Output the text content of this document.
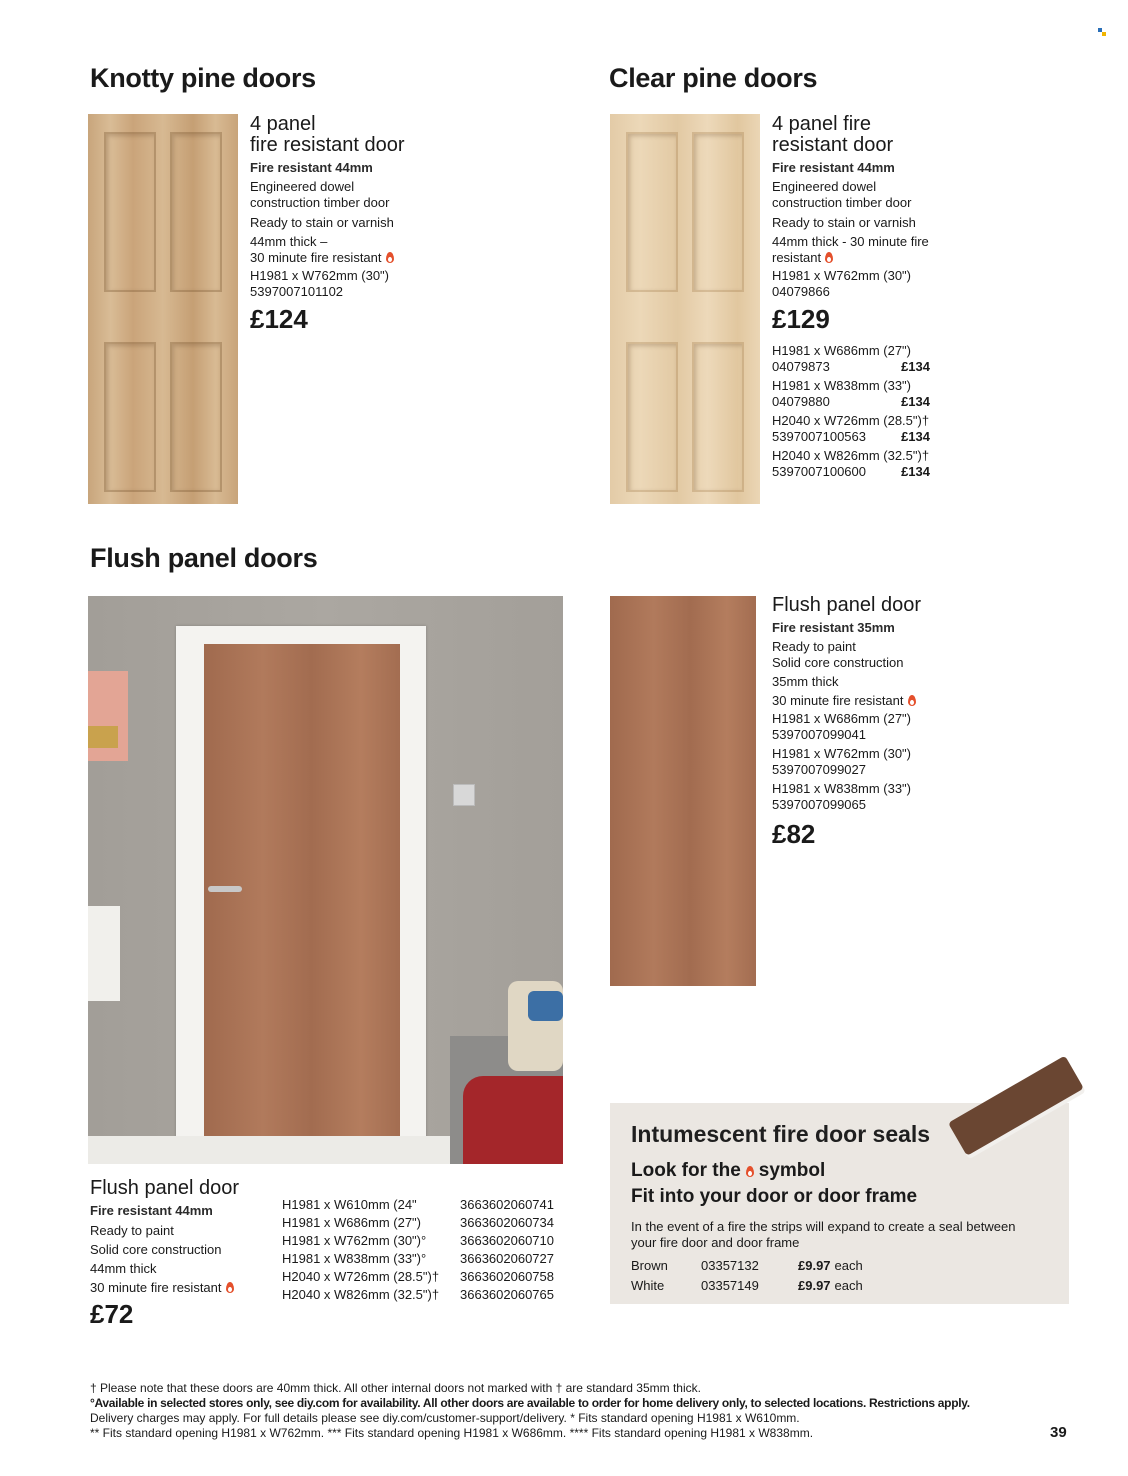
Knotty pine doors
4 panel
fire resistant door
Fire resistant 44mm
Engineered dowel
construction timber door
Ready to stain or varnish
44mm thick –
30 minute fire resistant
H1981 x W762mm (30")
5397007101102
£124
Clear pine doors
4 panel fire
resistant door
Fire resistant 44mm
Engineered dowel
construction timber door
Ready to stain or varnish
44mm thick - 30 minute fire
resistant
H1981 x W762mm (30")
04079866
£129
H1981 x W686mm (27")
04079873	£134
H1981 x W838mm (33")
04079880	£134
H2040 x W726mm (28.5")†
5397007100563	£134
H2040 x W826mm (32.5")†
5397007100600	£134
Flush panel doors
Flush panel door
Fire resistant 35mm
Ready to paint
Solid core construction
35mm thick
30 minute fire resistant
H1981 x W686mm (27")
5397007099041
H1981 x W762mm (30")
5397007099027
H1981 x W838mm (33")
5397007099065
£82
Flush panel door
Fire resistant 44mm
Ready to paint
Solid core construction
44mm thick
30 minute fire resistant
£72
H1981 x W610mm (24"	3663602060741
H1981 x W686mm (27")	3663602060734
H1981 x W762mm (30")°	3663602060710
H1981 x W838mm (33")°	3663602060727
H2040 x W726mm (28.5")†	3663602060758
H2040 x W826mm (32.5")†	3663602060765
Intumescent fire door seals
Look for the symbol
Fit into your door or door frame
In the event of a fire the strips will expand to create a seal between
your fire door and door frame
Brown	03357132	£9.97 each
White	03357149	£9.97 each
† Please note that these doors are 40mm thick. All other internal doors not marked with † are standard 35mm thick.
°Available in selected stores only, see diy.com for availability. All other doors are available to order for home delivery only, to selected locations. Restrictions apply.
Delivery charges may apply. For full details please see diy.com/customer-support/delivery. * Fits standard opening H1981 x W610mm.
** Fits standard opening H1981 x W762mm. *** Fits standard opening H1981 x W686mm. **** Fits standard opening H1981 x W838mm.	39
